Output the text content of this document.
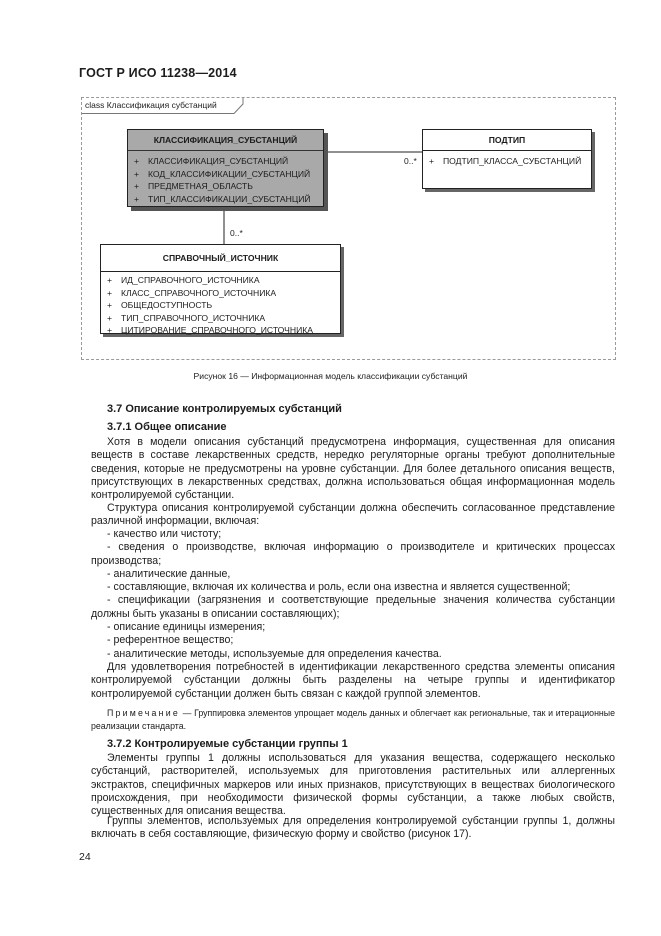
ГОСТ Р ИСО 11238—2014
class Классификация субстанций
КЛАССИФИКАЦИЯ_СУБСТАНЦИЙ
+ КЛАССИФИКАЦИЯ_СУБСТАНЦИЙ
+ КОД_КЛАССИФИКАЦИИ_СУБСТАНЦИЙ
+ ПРЕДМЕТНАЯ_ОБЛАСТЬ
+ ТИП_КЛАССИФИКАЦИИ_СУБСТАНЦИЙ
ПОДТИП
+ ПОДТИП_КЛАССА_СУБСТАНЦИЙ
СПРАВОЧНЫЙ_ИСТОЧНИК
+ ИД_СПРАВОЧНОГО_ИСТОЧНИКА
+ КЛАСС_СПРАВОЧНОГО_ИСТОЧНИКА
+ ОБЩЕДОСТУПНОСТЬ
+ ТИП_СПРАВОЧНОГО_ИСТОЧНИКА
+ ЦИТИРОВАНИЕ_СПРАВОЧНОГО_ИСТОЧНИКА
0..*
0..*
Рисунок 16 — Информационная модель классификации субстанций
3.7 Описание контролируемых субстанций
3.7.1 Общее описание
Хотя в модели описания субстанций предусмотрена информация, существенная для описания веществ в составе лекарственных средств, нередко регуляторные органы требуют дополнительные сведения, которые не предусмотрены на уровне субстанции. Для более детального описания веществ, присутствующих в лекарственных средствах, должна использоваться общая информационная модель контролируемой субстанции.
Структура описания контролируемой субстанции должна обеспечить согласованное представление различной информации, включая:
- качество или чистоту;
- сведения о производстве, включая информацию о производителе и критических процессах производства;
- аналитические данные,
- составляющие, включая их количества и роль, если она известна и является существенной;
- спецификации (загрязнения и соответствующие предельные значения количества субстанции должны быть указаны в описании составляющих);
- описание единицы измерения;
- референтное вещество;
- аналитические методы, используемые для определения качества.
Для удовлетворения потребностей в идентификации лекарственного средства элементы описания контролируемой субстанции должны быть разделены на четыре группы и идентификатор контролируемой субстанции должен быть связан с каждой группой элементов.
Примечание — Группировка элементов упрощает модель данных и облегчает как региональные, так и итерационные реализации стандарта.
3.7.2 Контролируемые субстанции группы 1
Элементы группы 1 должны использоваться для указания вещества, содержащего несколько субстанций, растворителей, используемых для приготовления растительных или аллергенных экстрактов, специфичных маркеров или иных признаков, присутствующих в веществах биологического происхождения, при необходимости физической формы субстанции, а также любых свойств, существенных для описания вещества.
Группы элементов, используемых для определения контролируемой субстанции группы 1, должны включать в себя составляющие, физическую форму и свойство (рисунок 17).
24
